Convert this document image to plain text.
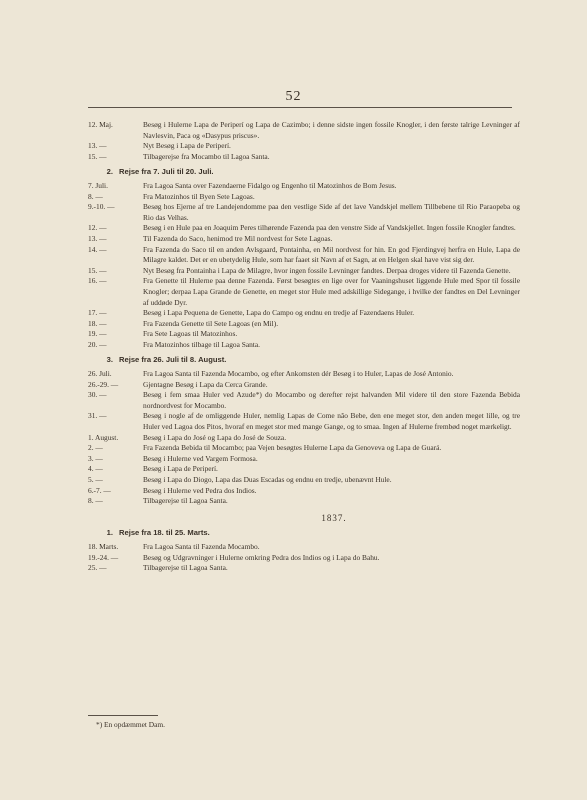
52
12. Maj.	Besøg i Hulerne Lapa de Periperí og Lapa de Cazimbo; i denne sidste ingen fossile Knogler, i den første talrige Levninger af Navlesvin, Paca og «Dasypus priscus».
13. —	Nyt Besøg i Lapa de Periperí.
15. —	Tilbagerejse fra Mocambo til Lagoa Santa.
2. Rejse fra 7. Juli til 20. Juli.
7. Juli.	Fra Lagoa Santa over Fazendaerne Fidalgo og Engenho til Matozinhos de Bom Jesus.
8. —	Fra Matozinhos til Byen Sete Lagoas.
9.-10. —	Besøg hos Ejerne af tre Landejendomme paa den vestlige Side af det lave Vandskjel mellem Tillbebene til Rio Paraopeba og Rio das Velhas.
12. —	Besøg i en Hule paa en Joaquim Peres tilhørende Fazenda paa den venstre Side af Vandskjellet. Ingen fossile Knogler fandtes.
13. —	Til Fazenda do Saco, henimod tre Mil nordvest for Sete Lagoas.
14. —	Fra Fazenda do Saco til en anden Avlsgaard, Pontainha, en Mil nordvest for hin. En god Fjerdingvej herfra en Hule, Lapa de Milagre kaldet. Det er en ubetydelig Hule, som har faaet sit Navn af et Sagn, at en Helgen skal have vist sig der.
15. —	Nyt Besøg fra Pontainha i Lapa de Milagre, hvor ingen fossile Levninger fandtes. Derpaa droges videre til Fazenda Genette.
16. —	Fra Genette til Hulerne paa denne Fazenda. Først besøgtes en lige over for Vaaningshuset liggende Hule med Spor til fossile Knogler; derpaa Lapa Grande de Genette, en meget stor Hule med adskillige Sidegange, i hvilke der fandtes en Del Levninger af uddøde Dyr.
17. —	Besøg i Lapa Pequena de Genette, Lapa do Campo og endnu en tredje af Fazendaens Huler.
18. —	Fra Fazenda Genette til Sete Lagoas (en Mil).
19. —	Fra Sete Lagoas til Matozinhos.
20. —	Fra Matozinhos tilbage til Lagoa Santa.
3. Rejse fra 26. Juli til 8. August.
26. Juli.	Fra Lagoa Santa til Fazenda Mocambo, og efter Ankomsten dér Besøg i to Huler, Lapas de José Antonio.
26.-29. —	Gjentagne Besøg i Lapa da Cerca Grande.
30. —	Besøg i fem smaa Huler ved Azude*) do Mocambo og derefter rejst halvanden Mil videre til den store Fazenda Bebida nordnordvest for Mocambo.
31. —	Besøg i nogle af de omliggende Huler, nemlig Lapas de Come não Bebe, den ene meget stor, den anden meget lille, og tre Huler ved Lagoa dos Pitos, hvoraf en meget stor med mange Gange, og to smaa. Ingen af Hulerne frembød noget mærkeligt.
1. August.	Besøg i Lapa do José og Lapa do José de Souza.
2. —	Fra Fazenda Bebida til Mocambo; paa Vejen besøgtes Hulerne Lapa da Genoveva og Lapa de Guará.
3. —	Besøg i Hulerne ved Vargem Formosa.
4. —	Besøg i Lapa de Periperí.
5. —	Besøg i Lapa do Diogo, Lapa das Duas Escadas og endnu en tredje, ubenævnt Hule.
6.-7. —	Besøg i Hulerne ved Pedra dos Indios.
8. —	Tilbagerejse til Lagoa Santa.
1837.
1. Rejse fra 18. til 25. Marts.
18. Marts.	Fra Lagoa Santa til Fazenda Mocambo.
19.-24. —	Besøg og Udgravninger i Hulerne omkring Pedra dos Indios og i Lapa do Bahu.
25. —	Tilbagerejse til Lagoa Santa.
*) En opdæmmet Dam.
